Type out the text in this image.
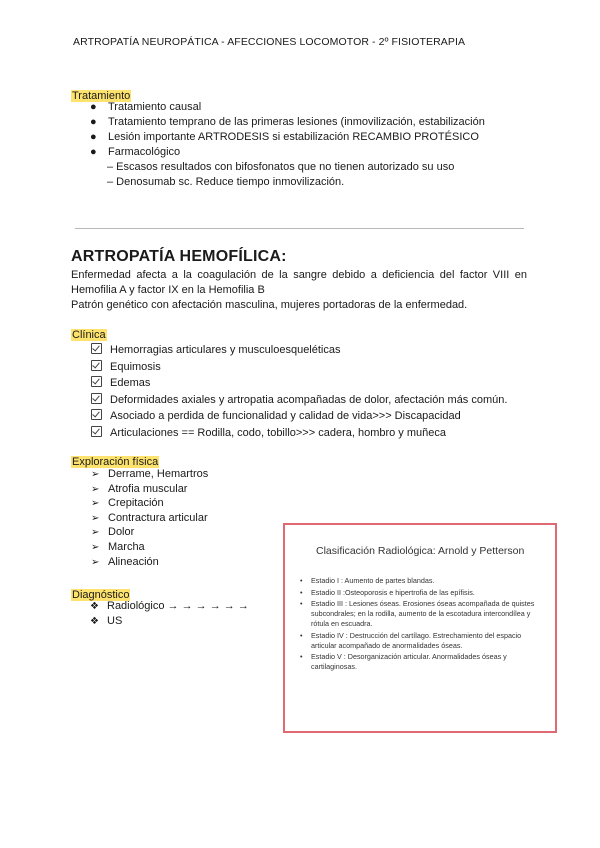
ARTROPATÍA NEUROPÁTICA - AFECCIONES LOCOMOTOR - 2º FISIOTERAPIA
Tratamiento
● Tratamiento causal
● Tratamiento temprano de las primeras lesiones (inmovilización, estabilización
● Lesión importante ARTRODESIS si estabilización RECAMBIO PROTÉSICO
● Farmacológico
– Escasos resultados con bifosfonatos que no tienen autorizado su uso
– Denosumab sc. Reduce tiempo inmovilización.
ARTROPATÍA HEMOFÍLICA:

Enfermedad afecta a la coagulación de la sangre debido a deficiencia del factor VIII en Hemofilia A y factor IX en la Hemofilia B

Patrón genético con afectación masculina, mujeres portadoras de la enfermedad.

Clínica
Hemorragias articulares y musculoesqueléticas
Equimosis
Edemas
Deformidades axiales y artropatia acompañadas de dolor, afectación más común.
Asociado a perdida de funcionalidad y calidad de vida>>> Discapacidad
Articulaciones == Rodilla, codo, tobillo>>> cadera, hombro y muñeca
Exploración física
➢ Derrame, Hemartros
➢ Atrofia muscular
➢ Crepitación
➢ Contractura articular
➢ Dolor
➢ Marcha
➢ Alineación
Diagnóstico
❖ Radiológico → → → → → →
❖ US
Clasificación Radiológica: Arnold y Petterson
• Estadio I : Aumento de partes blandas.
• Estadio II :Osteoporosis e hipertrofia de las epífisis.
• Estadio III : Lesiones óseas. Erosiones óseas acompañada de quistes subcondrales; en la rodilla, aumento de la escotadura intercondílea y rótula en escuadra.
• Estadio IV : Destrucción del cartílago. Estrechamiento del espacio articular acompañado de anormalidades óseas.
• Estadio V : Desorganización articular. Anormalidades óseas y cartilaginosas.
